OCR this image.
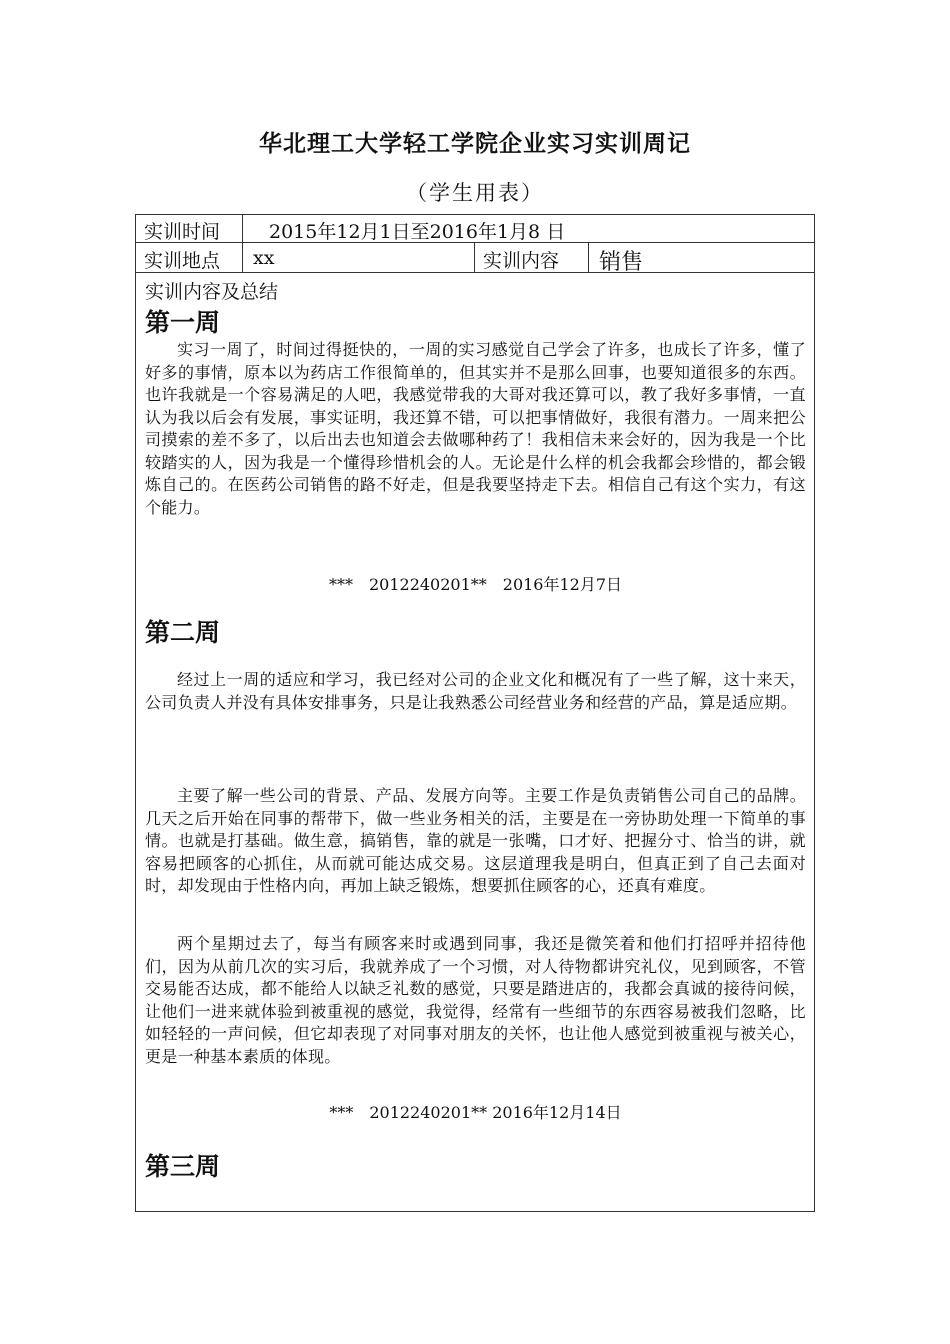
华北理工大学轻工学院企业实习实训周记
（学生用表）
实训时间	2015年12月1日至2016年1月8 日
实训地点	xx	实训内容	销售
实训内容及总结
第一周
实习一周了，时间过得挺快的，一周的实习感觉自己学会了许多，也成长了许多，懂了好多的事情，原本以为药店工作很简单的，但其实并不是那么回事，也要知道很多的东西。也许我就是一个容易满足的人吧，我感觉带我的大哥对我还算可以，教了我好多事情，一直认为我以后会有发展，事实证明，我还算不错，可以把事情做好，我很有潜力。一周来把公司摸索的差不多了，以后出去也知道会去做哪种药了！我相信未来会好的，因为我是一个比较踏实的人，因为我是一个懂得珍惜机会的人。无论是什么样的机会我都会珍惜的，都会锻炼自己的。在医药公司销售的路不好走，但是我要坚持走下去。相信自己有这个实力，有这个能力。
***　2012240201**　2016年12月7日
第二周
经过上一周的适应和学习，我已经对公司的企业文化和概况有了一些了解，这十来天，公司负责人并没有具体安排事务，只是让我熟悉公司经营业务和经营的产品，算是适应期。
主要了解一些公司的背景、产品、发展方向等。主要工作是负责销售公司自己的品牌。几天之后开始在同事的帮带下，做一些业务相关的活，主要是在一旁协助处理一下简单的事情。也就是打基础。做生意，搞销售，靠的就是一张嘴，口才好、把握分寸、恰当的讲，就容易把顾客的心抓住，从而就可能达成交易。这层道理我是明白，但真正到了自己去面对时，却发现由于性格内向，再加上缺乏锻炼，想要抓住顾客的心，还真有难度。
两个星期过去了，每当有顾客来时或遇到同事，我还是微笑着和他们打招呼并招待他们，因为从前几次的实习后，我就养成了一个习惯，对人待物都讲究礼仪，见到顾客，不管交易能否达成，都不能给人以缺乏礼数的感觉，只要是踏进店的，我都会真诚的接待问候，让他们一进来就体验到被重视的感觉，我觉得，经常有一些细节的东西容易被我们忽略，比如轻轻的一声问候，但它却表现了对同事对朋友的关怀，也让他人感觉到被重视与被关心，更是一种基本素质的体现。
***　2012240201** 2016年12月14日
第三周
